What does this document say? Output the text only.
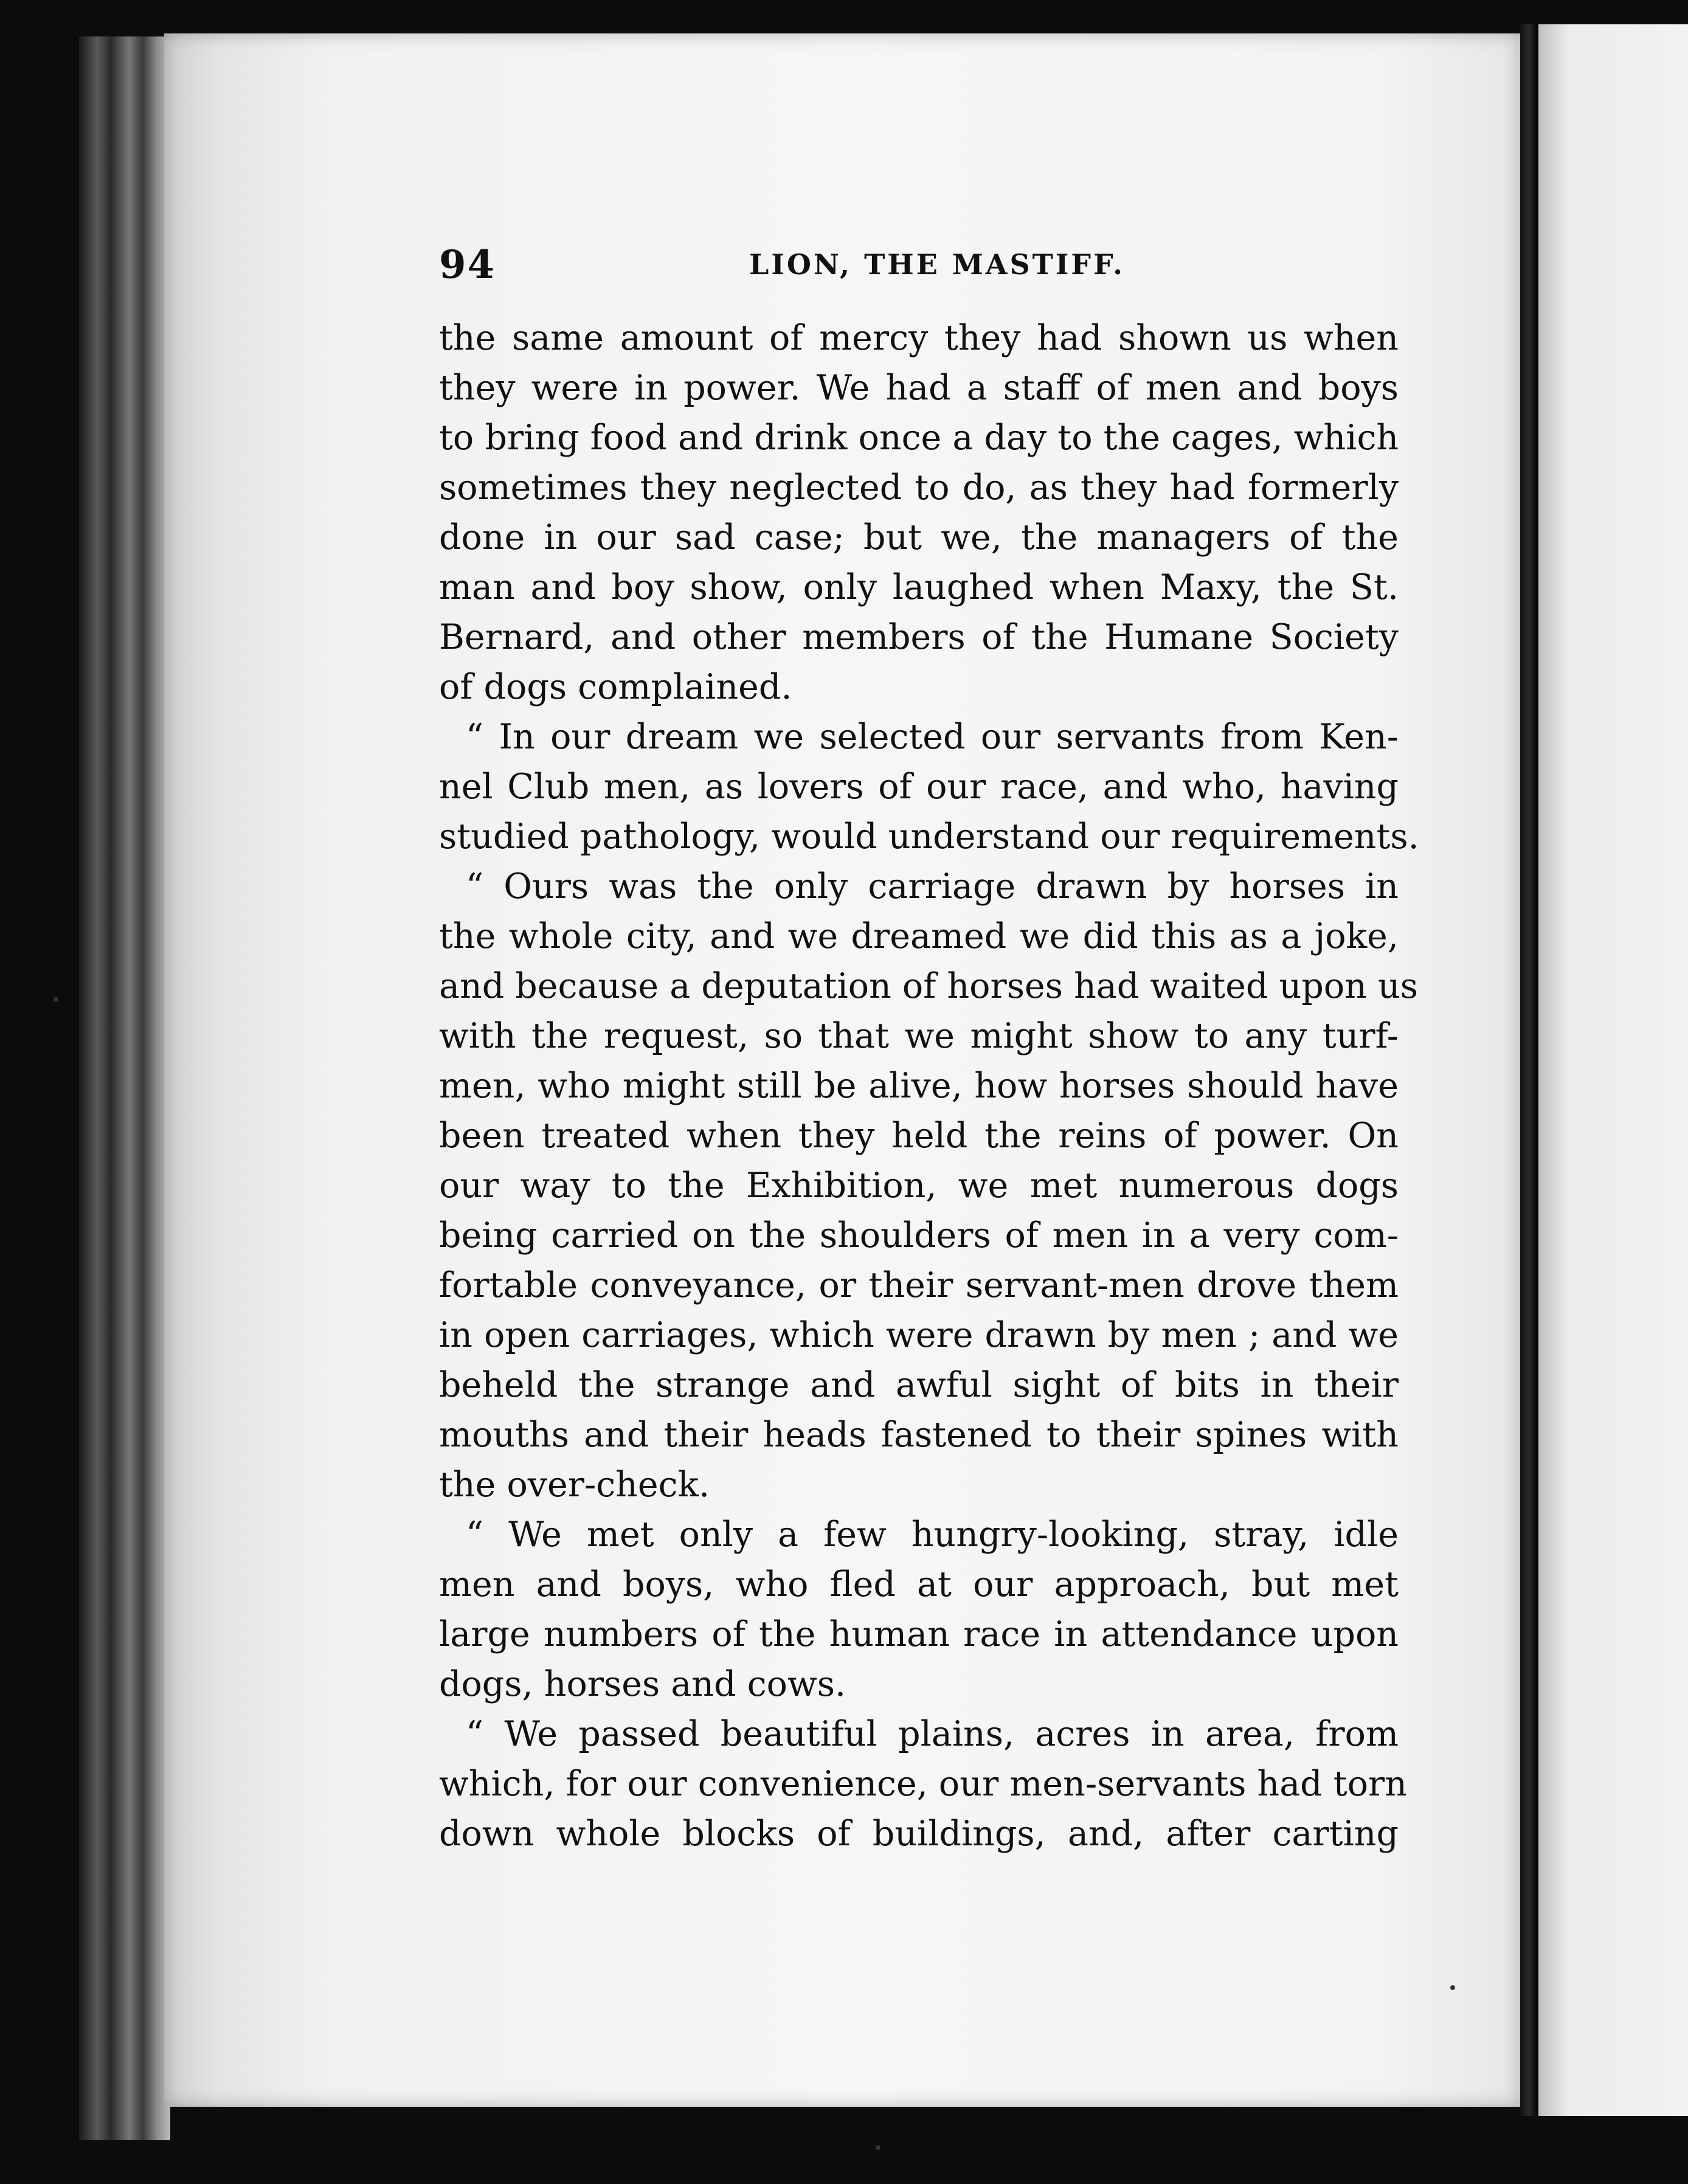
94	LION, THE MASTIFF.
the same amount of mercy they had shown us when
they were in power. We had a staff of men and boys
to bring food and drink once a day to the cages, which
sometimes they neglected to do, as they had formerly
done in our sad case; but we, the managers of the
man and boy show, only laughed when Maxy, the St.
Bernard, and other members of the Humane Society
of dogs complained.
“ In our dream we selected our servants from Ken-
nel Club men, as lovers of our race, and who, having
studied pathology, would understand our requirements.
“ Ours was the only carriage drawn by horses in
the whole city, and we dreamed we did this as a joke,
and because a deputation of horses had waited upon us
with the request, so that we might show to any turf-
men, who might still be alive, how horses should have
been treated when they held the reins of power. On
our way to the Exhibition, we met numerous dogs
being carried on the shoulders of men in a very com-
fortable conveyance, or their servant-men drove them
in open carriages, which were drawn by men ; and we
beheld the strange and awful sight of bits in their
mouths and their heads fastened to their spines with
the over-check.
“ We met only a few hungry-looking, stray, idle
men and boys, who fled at our approach, but met
large numbers of the human race in attendance upon
dogs, horses and cows.
“ We passed beautiful plains, acres in area, from
which, for our convenience, our men-servants had torn
down whole blocks of buildings, and, after carting
